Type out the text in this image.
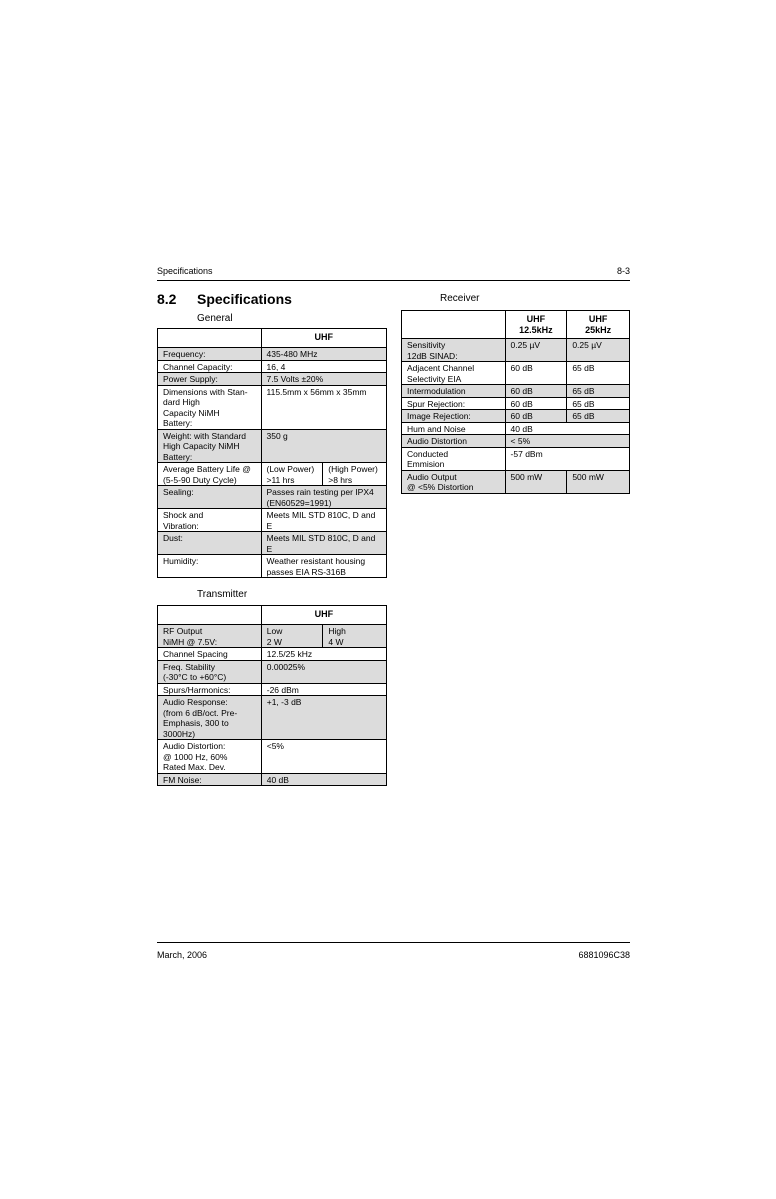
Specifications	8-3
8.2 Specifications
General
	UHF	
Frequency:	435-480 MHz	
Channel Capacity:	16, 4	
Power Supply:	7.5 Volts ±20%	
Dimensions with Stan-
dard High
Capacity NiMH
Battery:	115.5mm x 56mm x 35mm	
Weight: with Standard
High Capacity NiMH
Battery:	350 g	
Average Battery Life @
(5-5-90 Duty Cycle)	(Low Power)
>11 hrs	(High Power)
>8 hrs
Sealing:	Passes rain testing per IPX4
(EN60529=1991)	
Shock and
Vibration:	Meets MIL STD 810C, D and
E	
Dust:	Meets MIL STD 810C, D and
E	
Humidity:	Weather resistant housing
passes EIA RS-316B	
Transmitter
	UHF	
RF Output
NiMH @ 7.5V:	Low
2 W	High
4 W
Channel Spacing	12.5/25 kHz	
Freq. Stability
(-30°C to +60°C)	0.00025%	
Spurs/Harmonics:	-26 dBm	
Audio Response:
(from 6 dB/oct. Pre-
Emphasis, 300 to
3000Hz)	+1, -3 dB	
Audio Distortion:
@ 1000 Hz, 60%
Rated Max. Dev.	<5%	
FM Noise:	40 dB	
Receiver
	UHF
12.5kHz	UHF
25kHz
Sensitivity
12dB SINAD:	0.25 µV	0.25 µV
Adjacent Channel
Selectivity EIA	60 dB	65 dB
Intermodulation	60 dB	65 dB
Spur Rejection:	60 dB	65 dB
Image Rejection:	60 dB	65 dB
Hum and Noise	40 dB	
Audio Distortion	< 5%	
Conducted
Emmision	-57 dBm	
Audio Output
@ <5% Distortion	500 mW	500 mW
March, 2006	6881096C38
